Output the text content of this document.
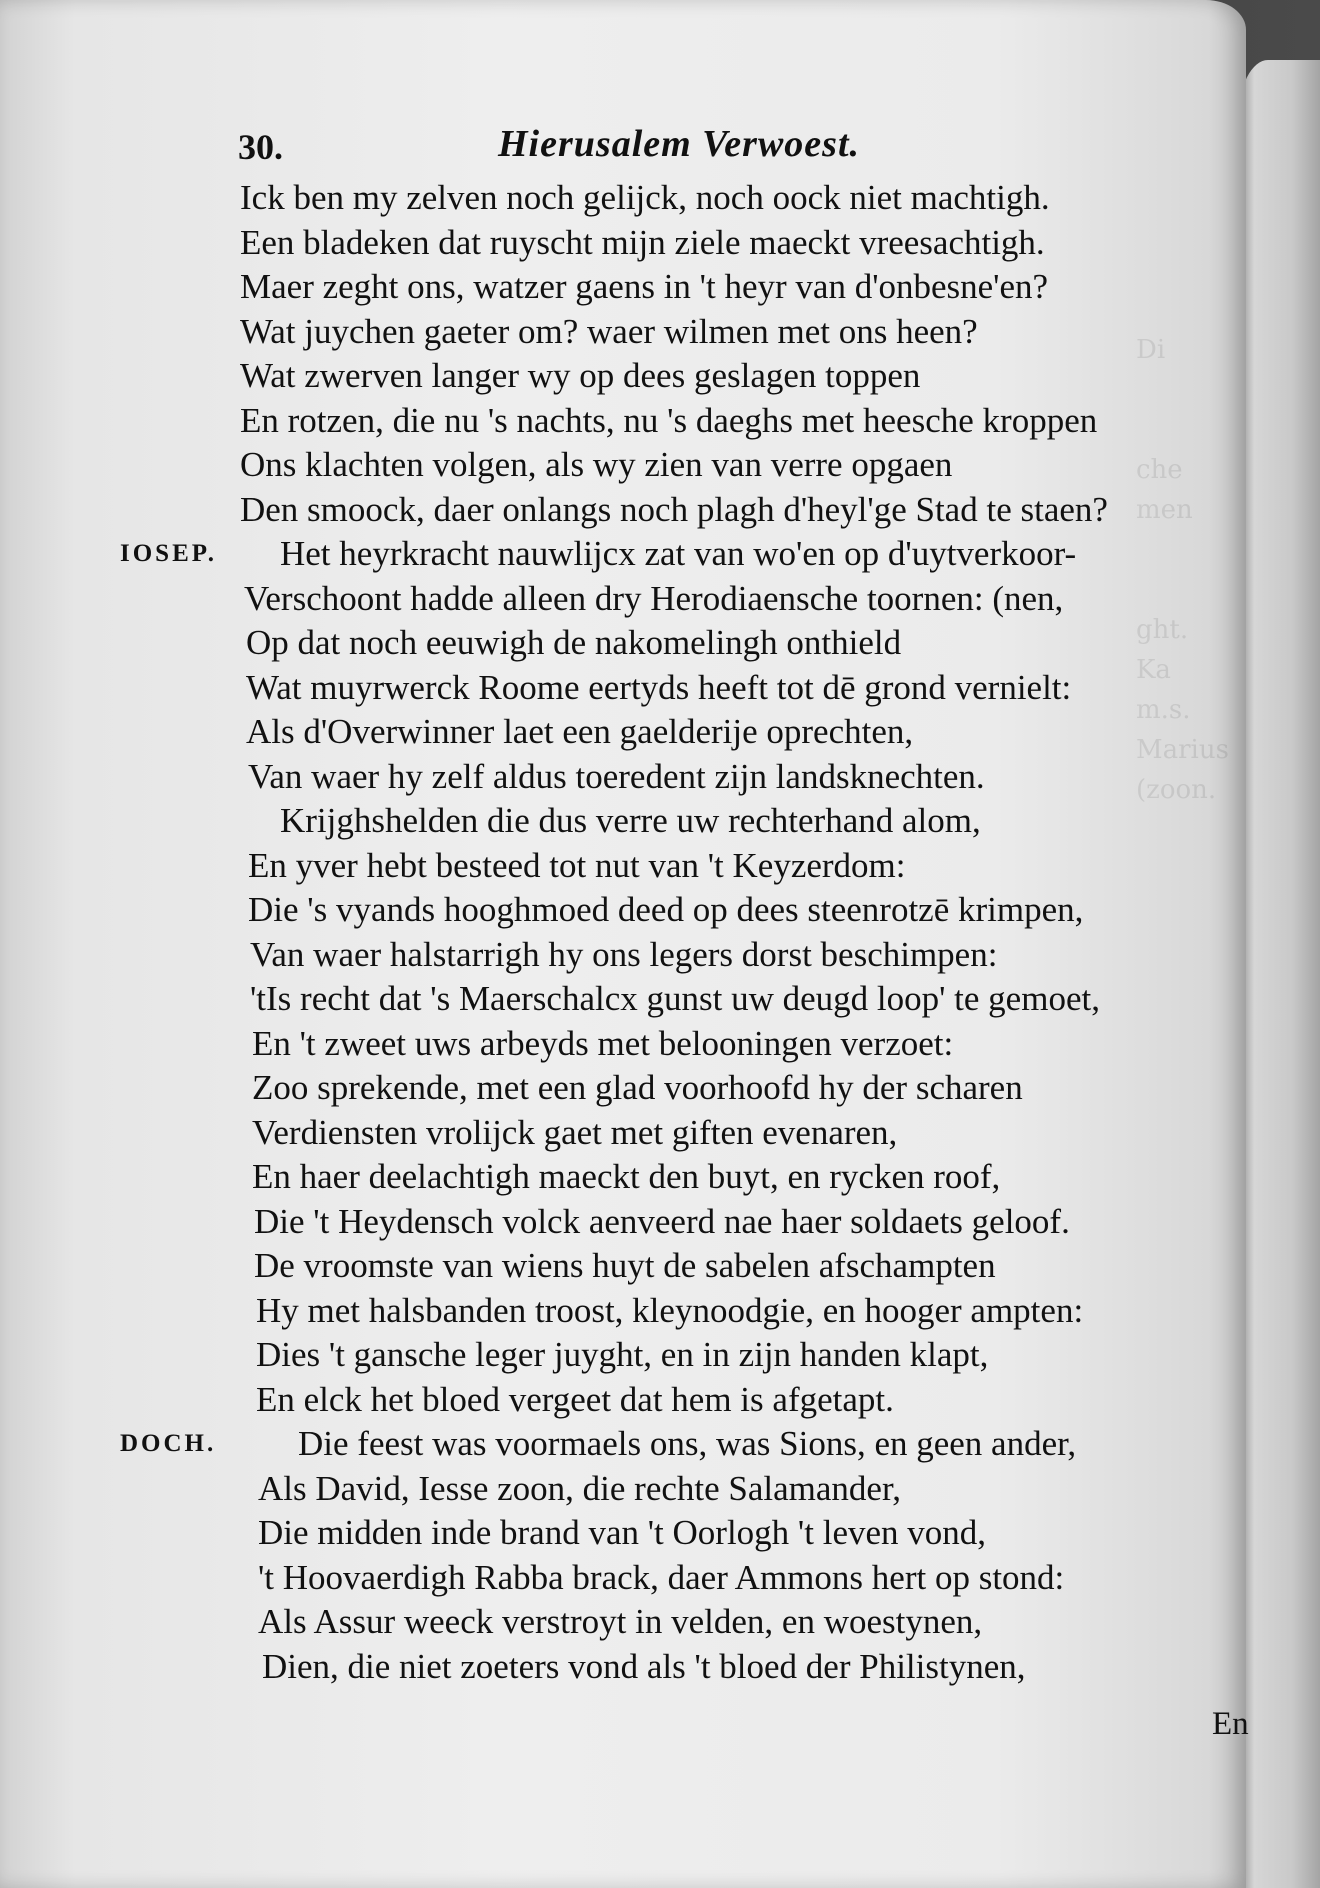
Di

che
men

ght.
Ka
m.s.
Marius
(zoon.
30.	Hierusalem Verwoest.
Ick ben my zelven noch gelijck, noch oock niet machtigh.
Een bladeken dat ruyscht mijn ziele maeckt vreesachtigh.
Maer zeght ons, watzer gaens in 't heyr van d'onbesne'en?
Wat juychen gaeter om? waer wilmen met ons heen?
Wat zwerven langer wy op dees geslagen toppen
En rotzen, die nu 's nachts, nu 's daeghs met heesche kroppen
Ons klachten volgen, als wy zien van verre opgaen
Den smoock, daer onlangs noch plagh d'heyl'ge Stad te staen?
IOSEP. Het heyrkracht nauwlijcx zat van wo'en op d'uytverkoor-
Verschoont hadde alleen dry Herodiaensche toornen: (nen,
Op dat noch eeuwigh de nakomelingh onthield
Wat muyrwerck Roome eertyds heeft tot dē grond vernielt:
Als d'Overwinner laet een gaelderije oprechten,
Van waer hy zelf aldus toeredent zijn landsknechten.
Krijghshelden die dus verre uw rechterhand alom,
En yver hebt besteed tot nut van 't Keyzerdom:
Die 's vyands hooghmoed deed op dees steenrotzē krimpen,
Van waer halstarrigh hy ons legers dorst beschimpen:
'tIs recht dat 's Maerschalcx gunst uw deugd loop' te gemoet,
En 't zweet uws arbeyds met belooningen verzoet:
Zoo sprekende, met een glad voorhoofd hy der scharen
Verdiensten vrolijck gaet met giften evenaren,
En haer deelachtigh maeckt den buyt, en rycken roof,
Die 't Heydensch volck aenveerd nae haer soldaets geloof.
De vroomste van wiens huyt de sabelen afschampten
Hy met halsbanden troost, kleynoodgie, en hooger ampten:
Dies 't gansche leger juyght, en in zijn handen klapt,
En elck het bloed vergeet dat hem is afgetapt.
DOCH. Die feest was voormaels ons, was Sions, en geen ander,
Als David, Iesse zoon, die rechte Salamander,
Die midden inde brand van 't Oorlogh 't leven vond,
't Hoovaerdigh Rabba brack, daer Ammons hert op stond:
Als Assur weeck verstroyt in velden, en woestynen,
Dien, die niet zoeters vond als 't bloed der Philistynen,
En
